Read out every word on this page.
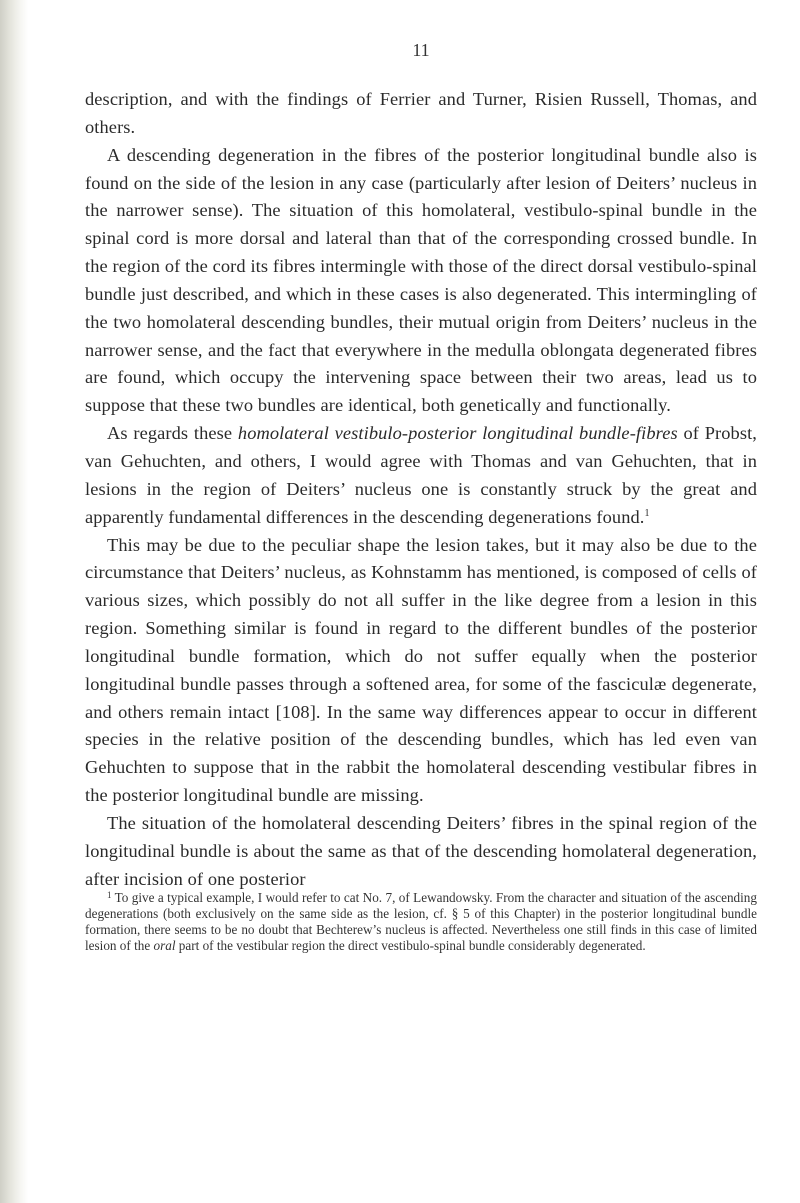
11

description, and with the findings of Ferrier and Turner, Risien Russell, Thomas, and others.

A descending degeneration in the fibres of the posterior longitudinal bundle also is found on the side of the lesion in any case (particularly after lesion of Deiters’ nucleus in the narrower sense). The situation of this homolateral, vestibulo-spinal bundle in the spinal cord is more dorsal and lateral than that of the corresponding crossed bundle. In the region of the cord its fibres intermingle with those of the direct dorsal vestibulo-spinal bundle just described, and which in these cases is also degenerated. This intermingling of the two homolateral descending bundles, their mutual origin from Deiters’ nucleus in the narrower sense, and the fact that everywhere in the medulla oblongata degenerated fibres are found, which occupy the intervening space between their two areas, lead us to suppose that these two bundles are identical, both genetically and functionally.

As regards these homolateral vestibulo-posterior longitudinal bundle-fibres of Probst, van Gehuchten, and others, I would agree with Thomas and van Gehuchten, that in lesions in the region of Deiters’ nucleus one is constantly struck by the great and apparently fundamental differences in the descending degenerations found.$^1$

This may be due to the peculiar shape the lesion takes, but it may also be due to the circumstance that Deiters’ nucleus, as Kohnstamm has mentioned, is composed of cells of various sizes, which possibly do not all suffer in the like degree from a lesion in this region. Something similar is found in regard to the different bundles of the posterior longitudinal bundle formation, which do not suffer equally when the posterior longitudinal bundle passes through a softened area, for some of the fasciculæ degenerate, and others remain intact [108]. In the same way differences appear to occur in different species in the relative position of the descending bundles, which has led even van Gehuchten to suppose that in the rabbit the homolateral descending vestibular fibres in the posterior longitudinal bundle are missing.

The situation of the homolateral descending Deiters’ fibres in the spinal region of the longitudinal bundle is about the same as that of the descending homolateral degeneration, after incision of one posterior

$^1$ To give a typical example, I would refer to cat No. 7, of Lewandowsky. From the character and situation of the ascending degenerations (both exclusively on the same side as the lesion, cf. § 5 of this Chapter) in the posterior longitudinal bundle formation, there seems to be no doubt that Bechterew’s nucleus is affected. Nevertheless one still finds in this case of limited lesion of the oral part of the vestibular region the direct vestibulo-spinal bundle considerably degenerated.
